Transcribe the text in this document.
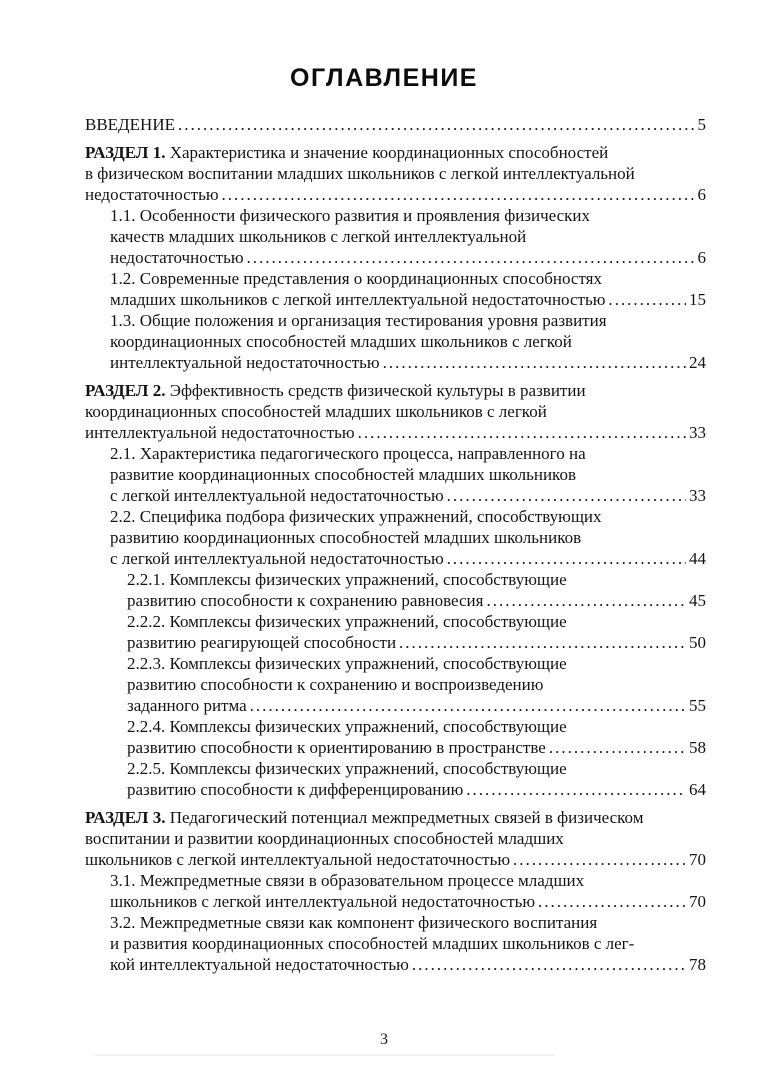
ОГЛАВЛЕНИЕ
ВВЕДЕНИЕ .....	5
РАЗДЕЛ 1. Характеристика и значение координационных способностей
в физическом воспитании младших школьников с легкой интеллектуальной
недостаточностью .....	6
1.1. Особенности физического развития и проявления физических
качеств младших школьников с легкой интеллектуальной
недостаточностью .....	6
1.2. Современные представления о координационных способностях
младших школьников с легкой интеллектуальной недостаточностью .....	15
1.3. Общие положения и организация тестирования уровня развития
координационных способностей младших школьников с легкой
интеллектуальной недостаточностью .....	24
РАЗДЕЛ 2. Эффективность средств физической культуры в развитии
координационных способностей младших школьников с легкой
интеллектуальной недостаточностью .....	33
2.1. Характеристика педагогического процесса, направленного на
развитие координационных способностей младших школьников
с легкой интеллектуальной недостаточностью .....	33
2.2. Специфика подбора физических упражнений, способствующих
развитию координационных способностей младших школьников
с легкой интеллектуальной недостаточностью .....	44
2.2.1. Комплексы физических упражнений, способствующие
развитию способности к сохранению равновесия .....	45
2.2.2. Комплексы физических упражнений, способствующие
развитию реагирующей способности .....	50
2.2.3. Комплексы физических упражнений, способствующие
развитию способности к сохранению и воспроизведению
заданного ритма .....	55
2.2.4. Комплексы физических упражнений, способствующие
развитию способности к ориентированию в пространстве .....	58
2.2.5. Комплексы физических упражнений, способствующие
развитию способности к дифференцированию .....	64
РАЗДЕЛ 3. Педагогический потенциал межпредметных связей в физическом
воспитании и развитии координационных способностей младших
школьников с легкой интеллектуальной недостаточностью .....	70
3.1. Межпредметные связи в образовательном процессе младших
школьников с легкой интеллектуальной недостаточностью .....	70
3.2. Межпредметные связи как компонент физического воспитания
и развития координационных способностей младших школьников с лег-
кой интеллектуальной недостаточностью .....	78
3
